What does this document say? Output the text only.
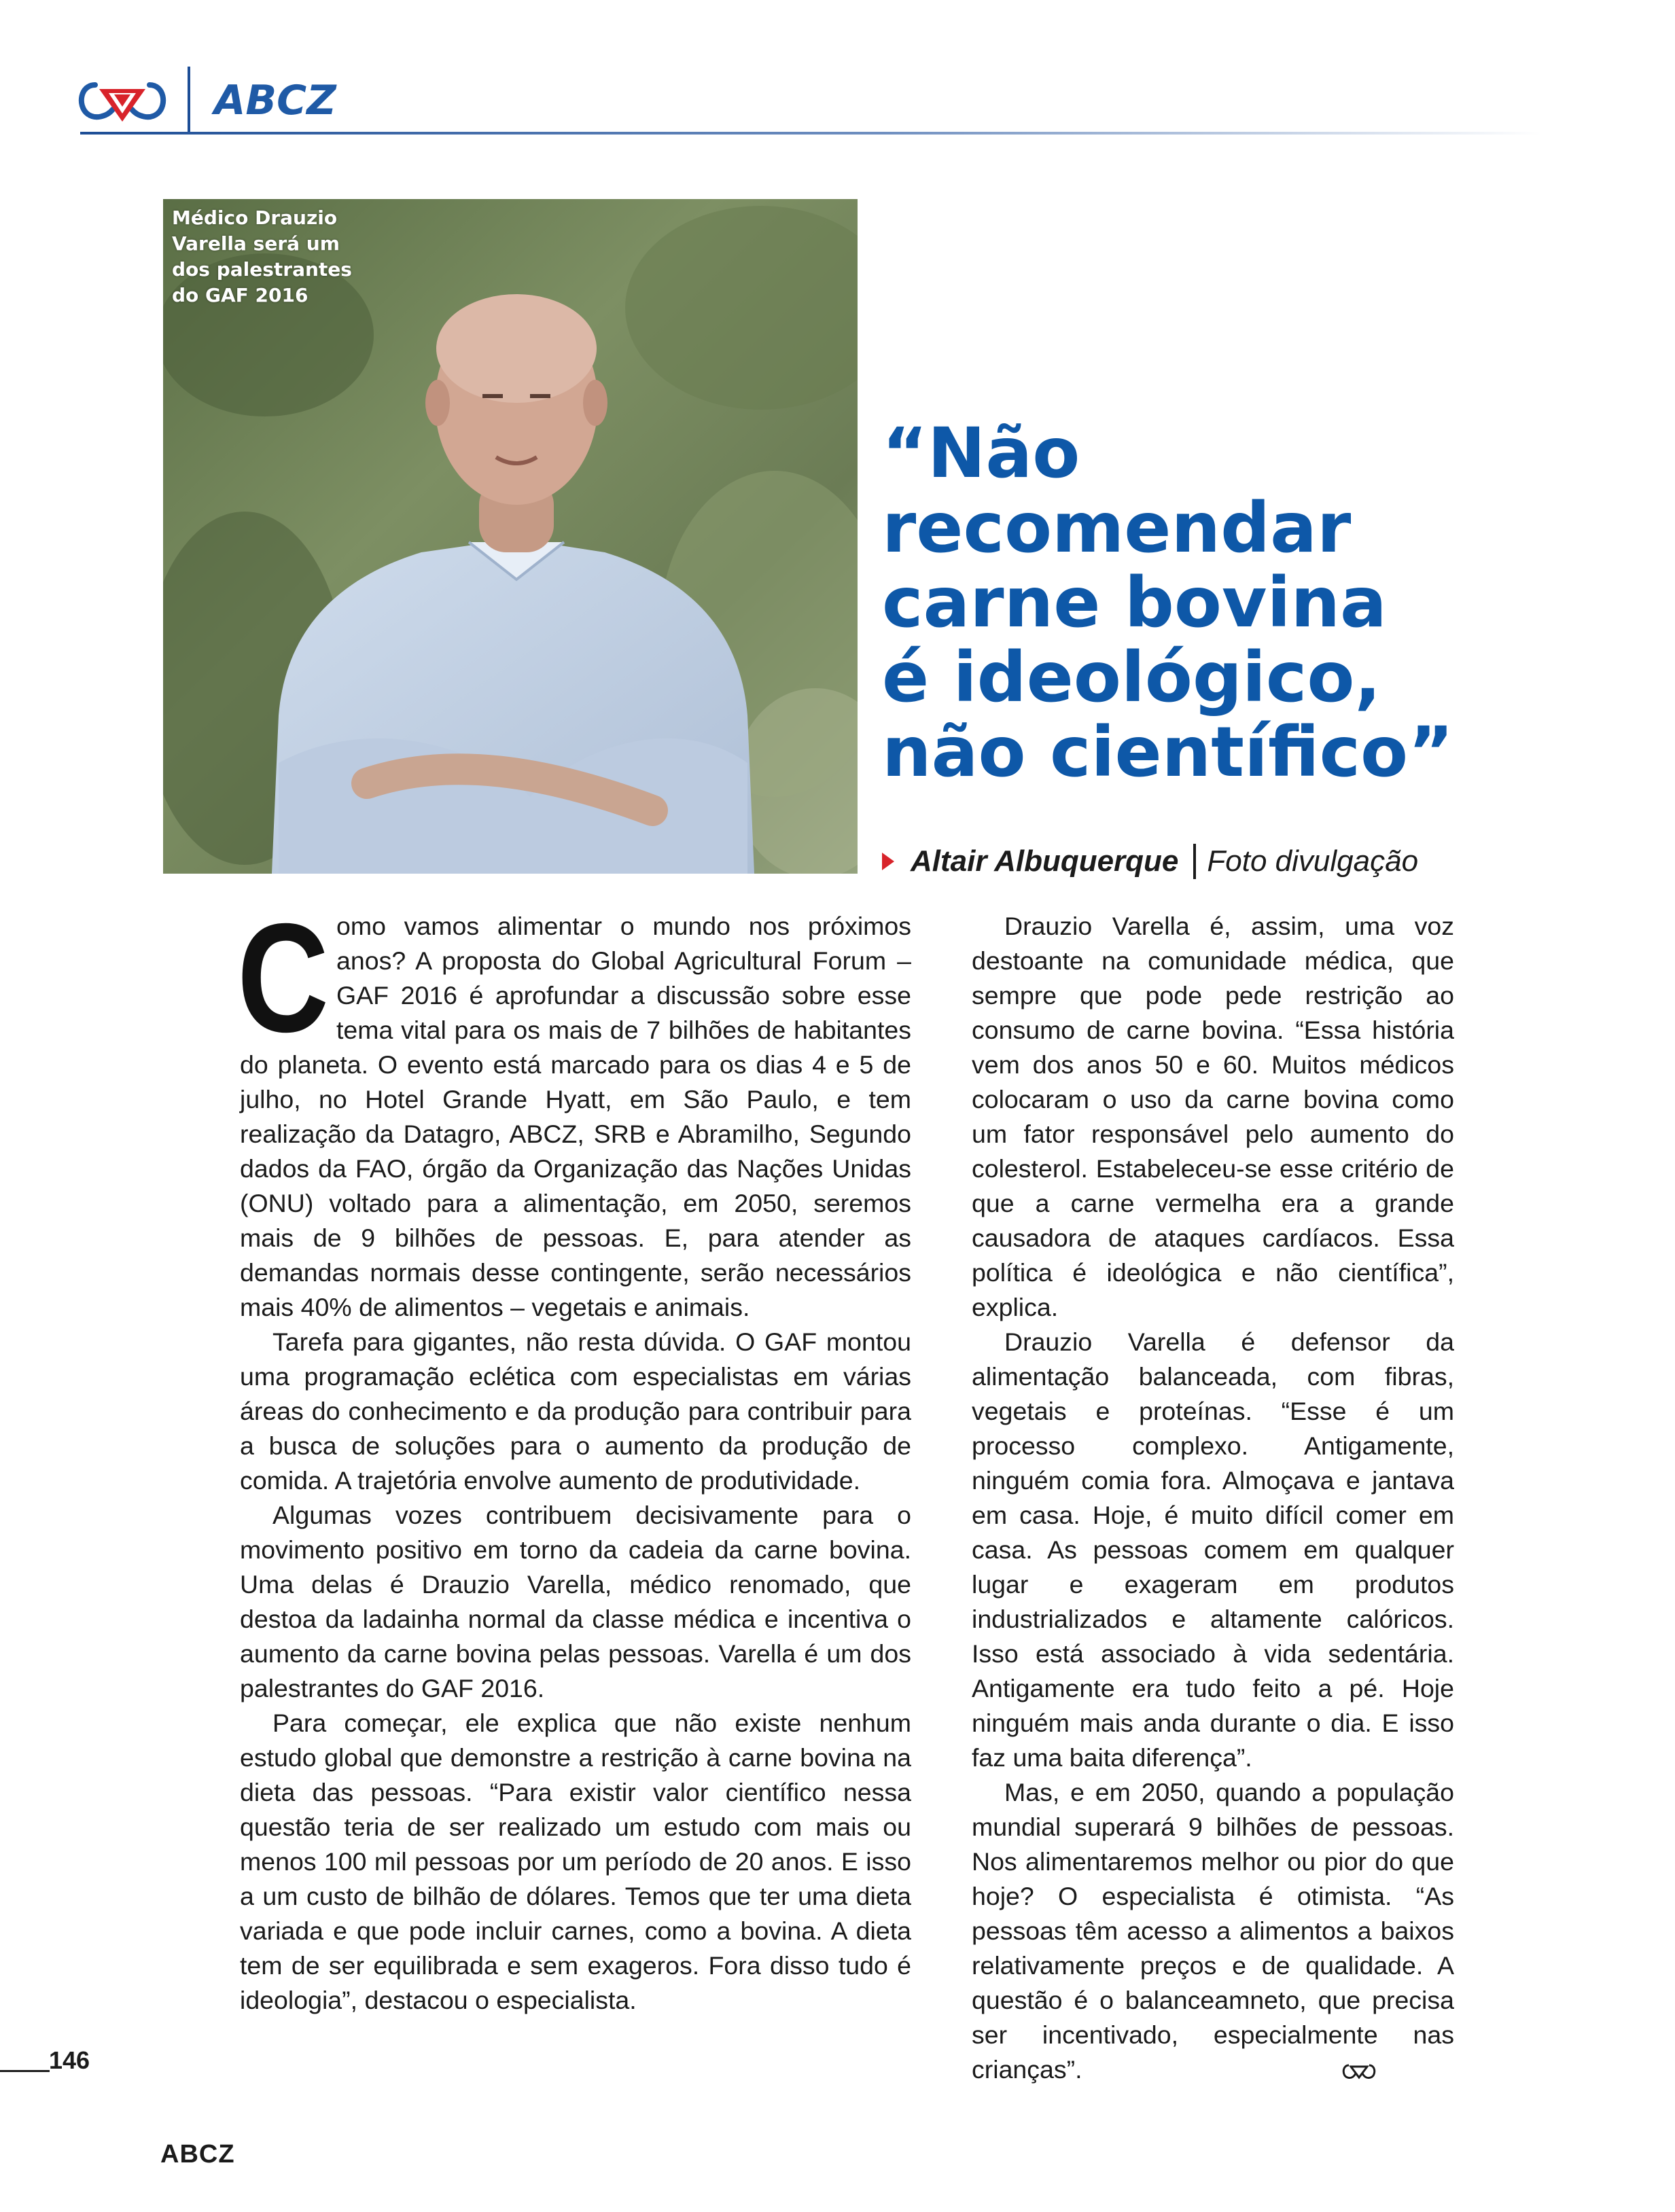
ABCZ
Médico Drauzio
Varella será um
dos palestrantes
do GAF 2016
“Não
recomendar
carne bovina
é ideológico,
não científico”
Altair Albuquerque Foto divulgação

Como vamos alimentar o mundo nos próximos anos? A proposta do Global Agricultural Forum – GAF 2016 é aprofundar a discussão sobre esse tema vital para os mais de 7 bilhões de habitantes do planeta. O evento está marcado para os dias 4 e 5 de julho, no Hotel Grande Hyatt, em São Paulo, e tem realização da Datagro, ABCZ, SRB e Abramilho, Segundo dados da FAO, órgão da Organização das Nações Unidas (ONU) voltado para a alimentação, em 2050, seremos mais de 9 bilhões de pessoas. E, para atender as demandas normais desse contingente, serão necessários mais 40% de alimentos – vegetais e animais.

Tarefa para gigantes, não resta dúvida. O GAF montou uma programação eclética com especialistas em várias áreas do conhecimento e da produção para contribuir para a busca de soluções para o aumento da produção de comida. A trajetória envolve aumento de produtividade.

Algumas vozes contribuem decisivamente para o movimento positivo em torno da cadeia da carne bovina. Uma delas é Drauzio Varella, médico renomado, que destoa da ladainha normal da classe médica e incentiva o aumento da carne bovina pelas pessoas. Varella é um dos palestrantes do GAF 2016.

Para começar, ele explica que não existe nenhum estudo global que demonstre a restrição à carne bovina na dieta das pessoas. “Para existir valor científico nessa questão teria de ser realizado um estudo com mais ou menos 100 mil pessoas por um período de 20 anos. E isso a um custo de bilhão de dólares. Temos que ter uma dieta variada e que pode incluir carnes, como a bovina. A dieta tem de ser equilibrada e sem exageros. Fora disso tudo é ideologia”, destacou o especialista.

Drauzio Varella é, assim, uma voz destoante na comunidade médica, que sempre que pode pede restrição ao consumo de carne bovina. “Essa história vem dos anos 50 e 60. Muitos médicos colocaram o uso da carne bovina como um fator responsável pelo aumento do colesterol. Estabeleceu-se esse critério de que a carne vermelha era a grande causadora de ataques cardíacos. Essa política é ideológica e não científica”, explica.

Drauzio Varella é defensor da alimentação balanceada, com fibras, vegetais e proteínas. “Esse é um processo complexo. Antigamente, ninguém comia fora. Almoçava e jantava em casa. Hoje, é muito difícil comer em casa. As pessoas comem em qualquer lugar e exageram em produtos industrializados e altamente calóricos. Isso está associado à vida sedentária. Antigamente era tudo feito a pé. Hoje ninguém mais anda durante o dia. E isso faz uma baita diferença”.

Mas, e em 2050, quando a população mundial superará 9 bilhões de pessoas. Nos alimentaremos melhor ou pior do que hoje? O especialista é otimista. “As pessoas têm acesso a alimentos a baixos relativamente preços e de qualidade. A questão é o balanceamneto, que precisa ser incentivado, especialmente nas crianças”.

146
ABCZ
